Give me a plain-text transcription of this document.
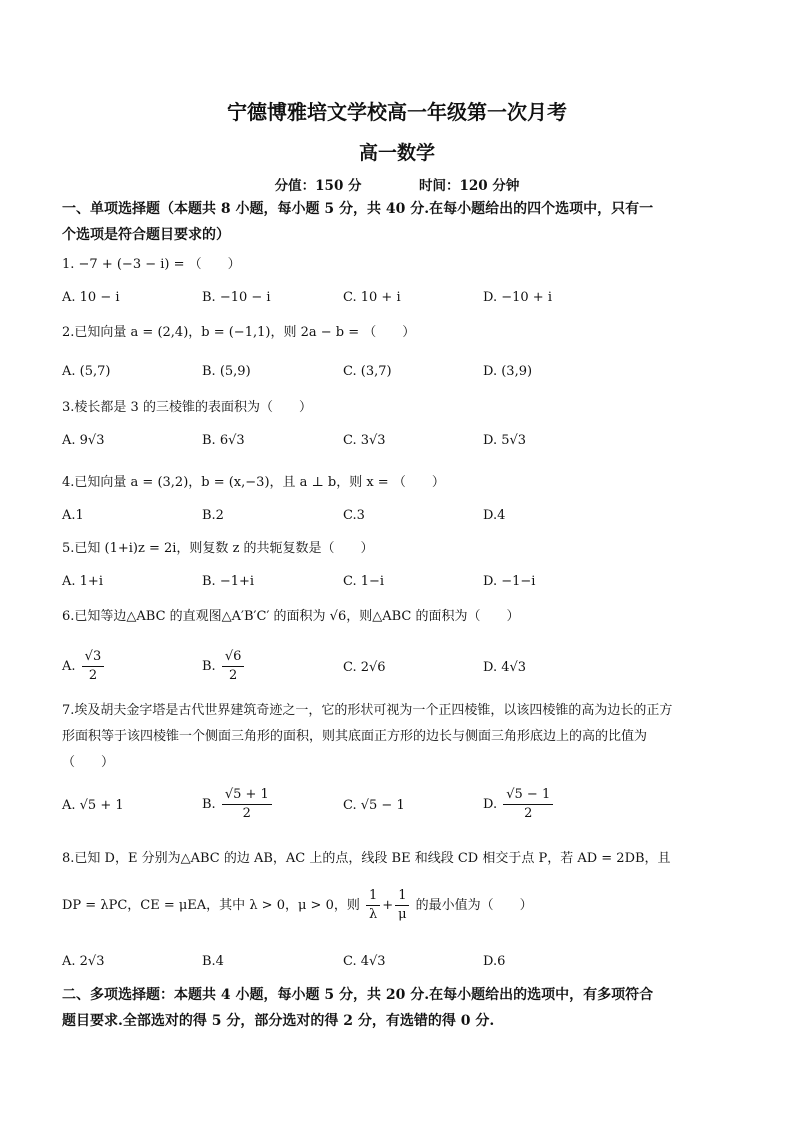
宁德博雅培文学校高一年级第一次月考
高一数学
分值：150 分	时间：120 分钟
一、单项选择题（本题共 8 小题，每小题 5 分，共 40 分.在每小题给出的四个选项中，只有一
个选项是符合题目要求的）
1. −7 + (−3 − i) = （　　）
A. 10 − i	B. −10 − i	C. 10 + i	D. −10 + i
2.已知向量 a = (2,4)，b = (−1,1)，则 2a − b = （　　）
A. (5,7)	B. (5,9)	C. (3,7)	D. (3,9)
3.棱长都是 3 的三棱锥的表面积为（　　）
A. 9√3	B. 6√3	C. 3√3	D. 5√3
4.已知向量 a = (3,2)，b = (x,−3)，且 a ⊥ b，则 x = （　　）
A.1	B.2	C.3	D.4
5.已知 (1+i)z = 2i，则复数 z 的共轭复数是（　　）
A. 1+i	B. −1+i	C. 1−i	D. −1−i
6.已知等边△ABC 的直观图△A′B′C′ 的面积为 √6，则△ABC 的面积为（　　）
A. $\frac{√3}{2}$	B. $\frac{√6}{2}$	C. 2√6	D. 4√3
7.埃及胡夫金字塔是古代世界建筑奇迹之一，它的形状可视为一个正四棱锥，以该四棱锥的高为边长的正方
形面积等于该四棱锥一个侧面三角形的面积，则其底面正方形的边长与侧面三角形底边上的高的比值为
（　　）
A. √5 + 1	B. $\frac{√5 + 1}{2}$	C. √5 − 1	D. $\frac{√5 - 1}{2}$
8.已知 D，E 分别为△ABC 的边 AB，AC 上的点，线段 BE 和线段 CD 相交于点 P，若 AD = 2DB，且
DP = λPC，CE = μEA，其中 λ > 0，μ > 0，则 $\frac{1}{\lambda} + \frac{1}{\mu}$ 的最小值为（　　）
A. 2√3	B.4	C. 4√3	D.6
二、多项选择题：本题共 4 小题，每小题 5 分，共 20 分.在每小题给出的选项中，有多项符合
题目要求.全部选对的得 5 分，部分选对的得 2 分，有选错的得 0 分.
